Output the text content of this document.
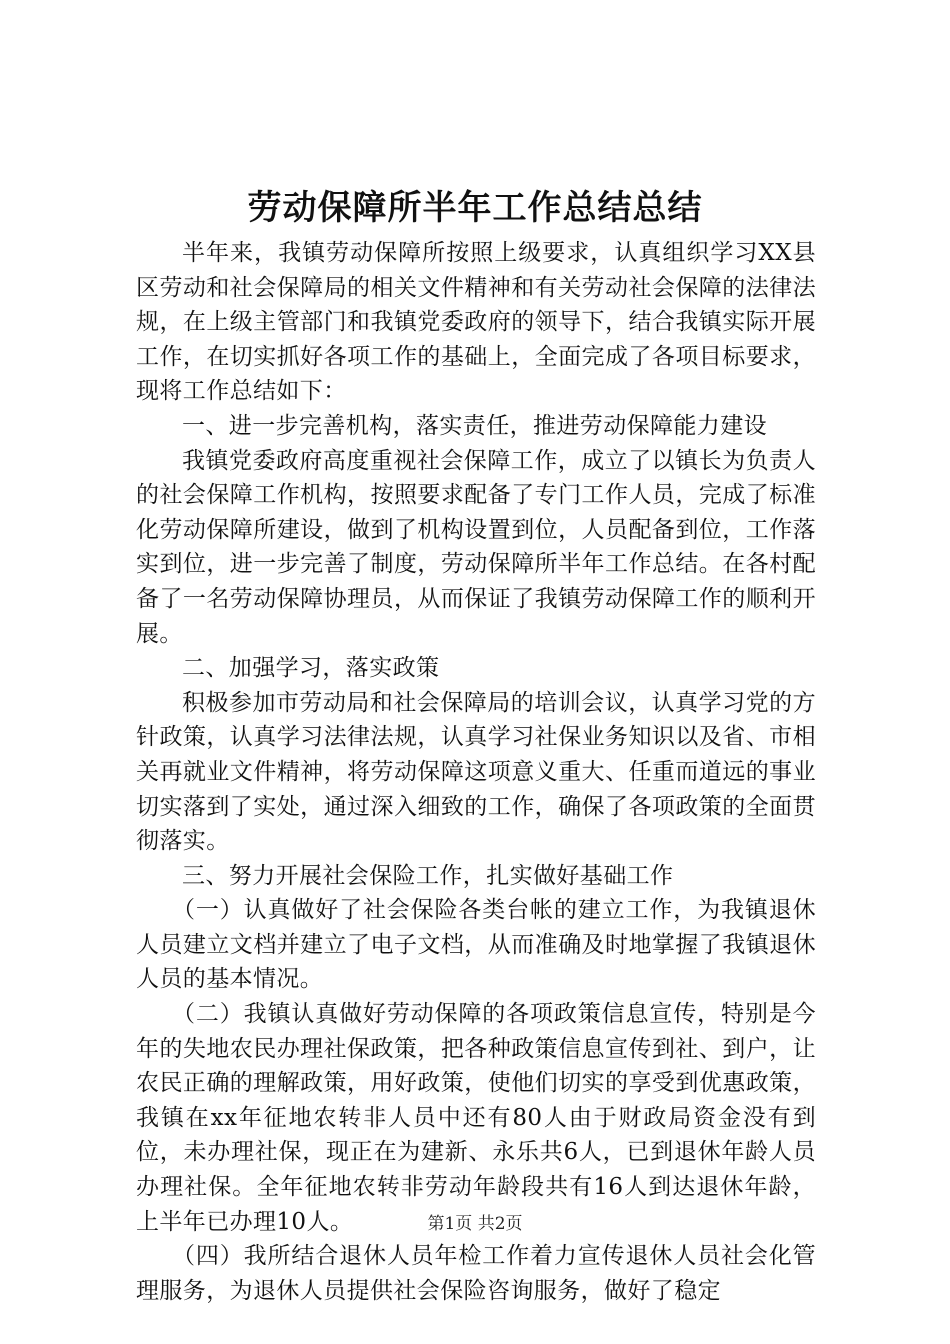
劳动保障所半年工作总结总结

半年来，我镇劳动保障所按照上级要求，认真组织学习XX县区劳动和社会保障局的相关文件精神和有关劳动社会保障的法律法规，在上级主管部门和我镇党委政府的领导下，结合我镇实际开展工作，在切实抓好各项工作的基础上，全面完成了各项目标要求，现将工作总结如下：

一、进一步完善机构，落实责任，推进劳动保障能力建设

我镇党委政府高度重视社会保障工作，成立了以镇长为负责人的社会保障工作机构，按照要求配备了专门工作人员，完成了标准化劳动保障所建设，做到了机构设置到位，人员配备到位，工作落实到位，进一步完善了制度，劳动保障所半年工作总结。在各村配备了一名劳动保障协理员，从而保证了我镇劳动保障工作的顺利开展。

二、加强学习，落实政策

积极参加市劳动局和社会保障局的培训会议，认真学习党的方针政策，认真学习法律法规，认真学习社保业务知识以及省、市相关再就业文件精神，将劳动保障这项意义重大、任重而道远的事业切实落到了实处，通过深入细致的工作，确保了各项政策的全面贯彻落实。

三、努力开展社会保险工作，扎实做好基础工作

（一）认真做好了社会保险各类台帐的建立工作，为我镇退休人员建立文档并建立了电子文档，从而准确及时地掌握了我镇退休人员的基本情况。

（二）我镇认真做好劳动保障的各项政策信息宣传，特别是今年的失地农民办理社保政策，把各种政策信息宣传到社、到户，让农民正确的理解政策，用好政策，使他们切实的享受到优惠政策，我镇在xx年征地农转非人员中还有80人由于财政局资金没有到位，未办理社保，现正在为建新、永乐共6人，已到退休年龄人员办理社保。全年征地农转非劳动年龄段共有16人到达退休年龄，上半年已办理10人。

（四）我所结合退休人员年检工作着力宣传退休人员社会化管理服务，为退休人员提供社会保险咨询服务，做好了稳定

第1页 共2页
